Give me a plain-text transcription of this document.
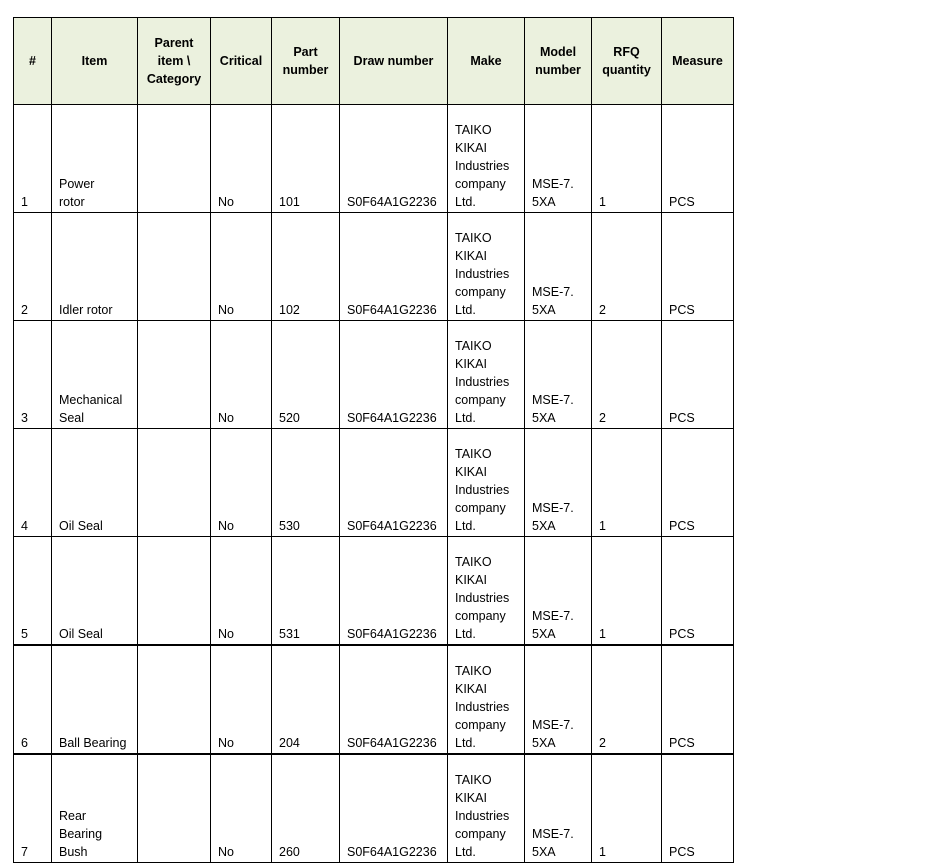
#	Item	Parent
item \
Category	Critical	Part
number	Draw number	Make	Model
number	RFQ
quantity	Measure
1	Power
rotor		No	101	S0F64A1G2236	TAIKO
KIKAI
Industries
company
Ltd.	MSE-7.
5XA	1	PCS
2	Idler rotor		No	102	S0F64A1G2236	TAIKO
KIKAI
Industries
company
Ltd.	MSE-7.
5XA	2	PCS
3	Mechanical
Seal		No	520	S0F64A1G2236	TAIKO
KIKAI
Industries
company
Ltd.	MSE-7.
5XA	2	PCS
4	Oil Seal		No	530	S0F64A1G2236	TAIKO
KIKAI
Industries
company
Ltd.	MSE-7.
5XA	1	PCS
5	Oil Seal		No	531	S0F64A1G2236	TAIKO
KIKAI
Industries
company
Ltd.	MSE-7.
5XA	1	PCS
6	Ball Bearing		No	204	S0F64A1G2236	TAIKO
KIKAI
Industries
company
Ltd.	MSE-7.
5XA	2	PCS
7	Rear
Bearing
Bush		No	260	S0F64A1G2236	TAIKO
KIKAI
Industries
company
Ltd.	MSE-7.
5XA	1	PCS
